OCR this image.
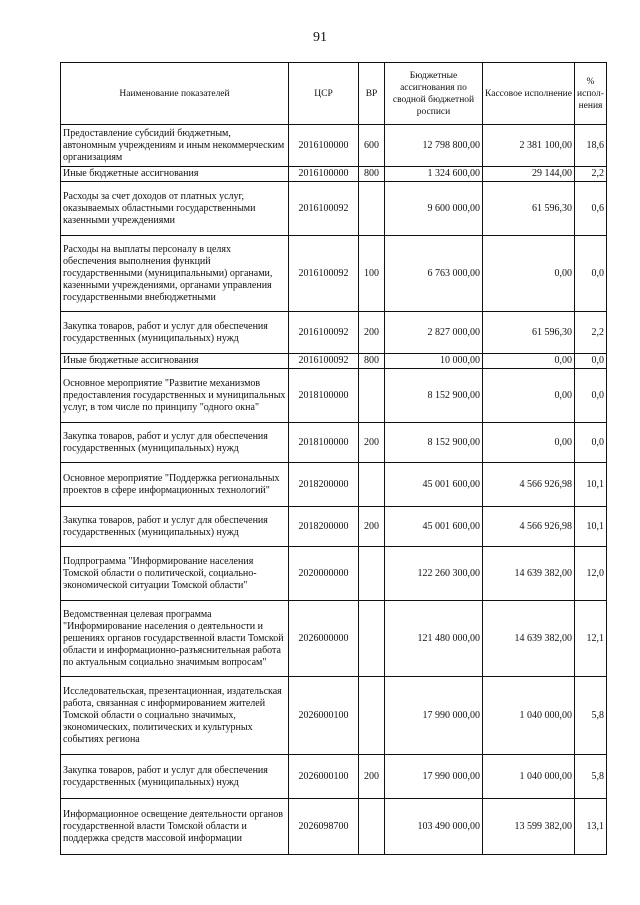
91
Наименование показателей	ЦСР	ВР	Бюджетные ассигнования по сводной бюджетной росписи	Кассовое исполнение	% испол-нения
Предоставление субсидий бюджетным, автономным учреждениям и иным некоммерческим организациям	2016100000	600	12 798 800,00	2 381 100,00	18,6
Иные бюджетные ассигнования	2016100000	800	1 324 600,00	29 144,00	2,2
Расходы за счет доходов от платных услуг, оказываемых областными государственными казенными учреждениями	2016100092		9 600 000,00	61 596,30	0,6
Расходы на выплаты персоналу в целях обеспечения выполнения функций государственными (муниципальными) органами, казенными учреждениями, органами управления государственными внебюджетными	2016100092	100	6 763 000,00	0,00	0,0
Закупка товаров, работ и услуг для обеспечения государственных (муниципальных) нужд	2016100092	200	2 827 000,00	61 596,30	2,2
Иные бюджетные ассигнования	2016100092	800	10 000,00	0,00	0,0
Основное мероприятие "Развитие механизмов предоставления государственных и муниципальных услуг, в том числе по принципу "одного окна"	2018100000		8 152 900,00	0,00	0,0
Закупка товаров, работ и услуг для обеспечения государственных (муниципальных) нужд	2018100000	200	8 152 900,00	0,00	0,0
Основное мероприятие "Поддержка региональных проектов в сфере информационных технологий"	2018200000		45 001 600,00	4 566 926,98	10,1
Закупка товаров, работ и услуг для обеспечения государственных (муниципальных) нужд	2018200000	200	45 001 600,00	4 566 926,98	10,1
Подпрограмма "Информирование населения Томской области о политической, социально-экономической ситуации Томской области"	2020000000		122 260 300,00	14 639 382,00	12,0
Ведомственная целевая программа "Информирование населения о деятельности и решениях органов государственной власти Томской области и информационно-разъяснительная работа по актуальным социально значимым вопросам"	2026000000		121 480 000,00	14 639 382,00	12,1
Исследовательская, презентационная, издательская работа, связанная с информированием жителей Томской области о социально значимых, экономических, политических и культурных событиях региона	2026000100		17 990 000,00	1 040 000,00	5,8
Закупка товаров, работ и услуг для обеспечения государственных (муниципальных) нужд	2026000100	200	17 990 000,00	1 040 000,00	5,8
Информационное освещение деятельности органов государственной власти Томской области и поддержка средств массовой информации	2026098700		103 490 000,00	13 599 382,00	13,1
